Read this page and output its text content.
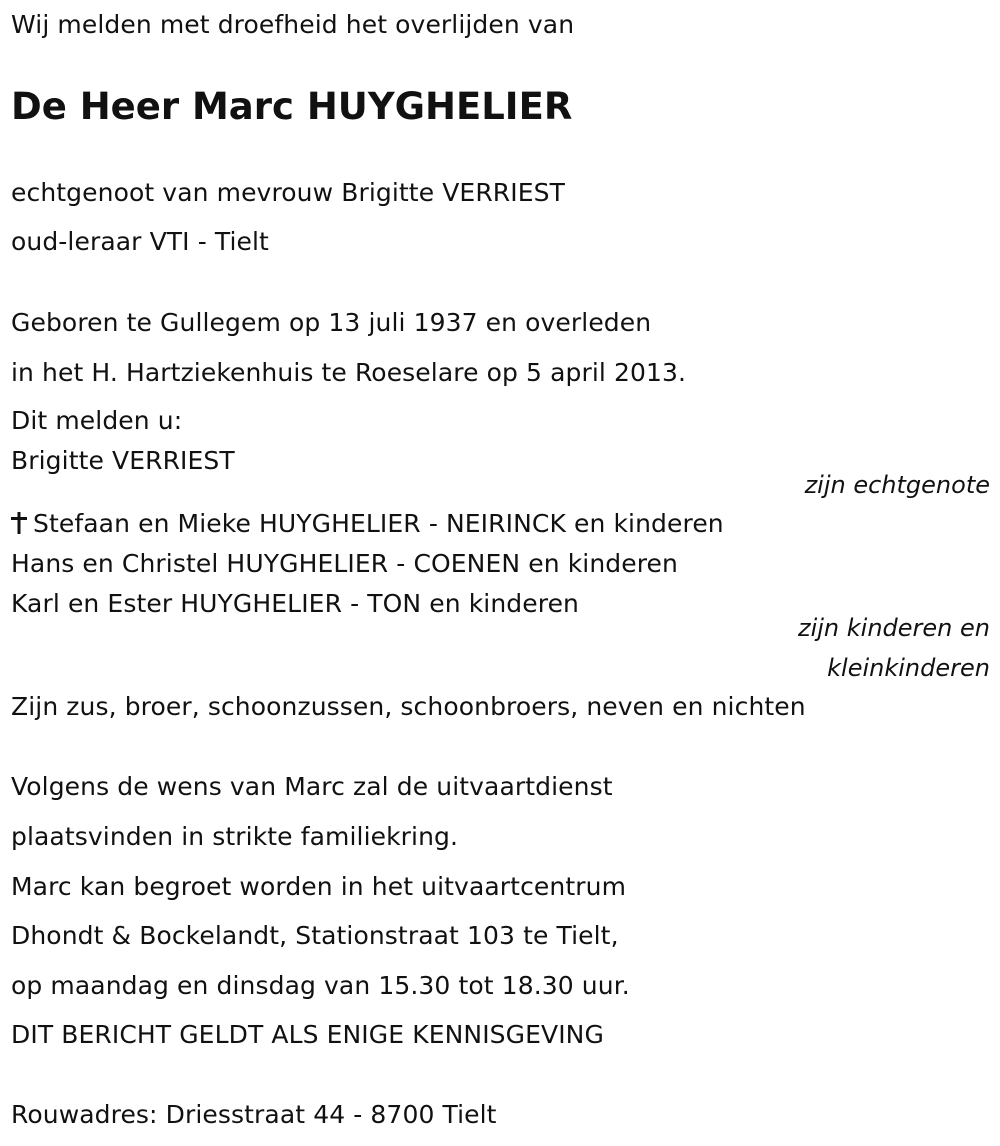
Wij melden met droefheid het overlijden van
De Heer Marc HUYGHELIER
echtgenoot van mevrouw Brigitte VERRIEST
oud-leraar VTI - Tielt
Geboren te Gullegem op 13 juli 1937 en overleden
in het H. Hartziekenhuis te Roeselare op 5 april 2013.
Dit melden u:
Brigitte VERRIEST
zijn echtgenote
Stefaan en Mieke HUYGHELIER - NEIRINCK en kinderen
Hans en Christel HUYGHELIER - COENEN en kinderen
Karl en Ester HUYGHELIER - TON en kinderen
zijn kinderen en
kleinkinderen
Zijn zus, broer, schoonzussen, schoonbroers, neven en nichten
Volgens de wens van Marc zal de uitvaartdienst
plaatsvinden in strikte familiekring.
Marc kan begroet worden in het uitvaartcentrum
Dhondt & Bockelandt, Stationstraat 103 te Tielt,
op maandag en dinsdag van 15.30 tot 18.30 uur.
DIT BERICHT GELDT ALS ENIGE KENNISGEVING
Rouwadres: Driesstraat 44 - 8700 Tielt
